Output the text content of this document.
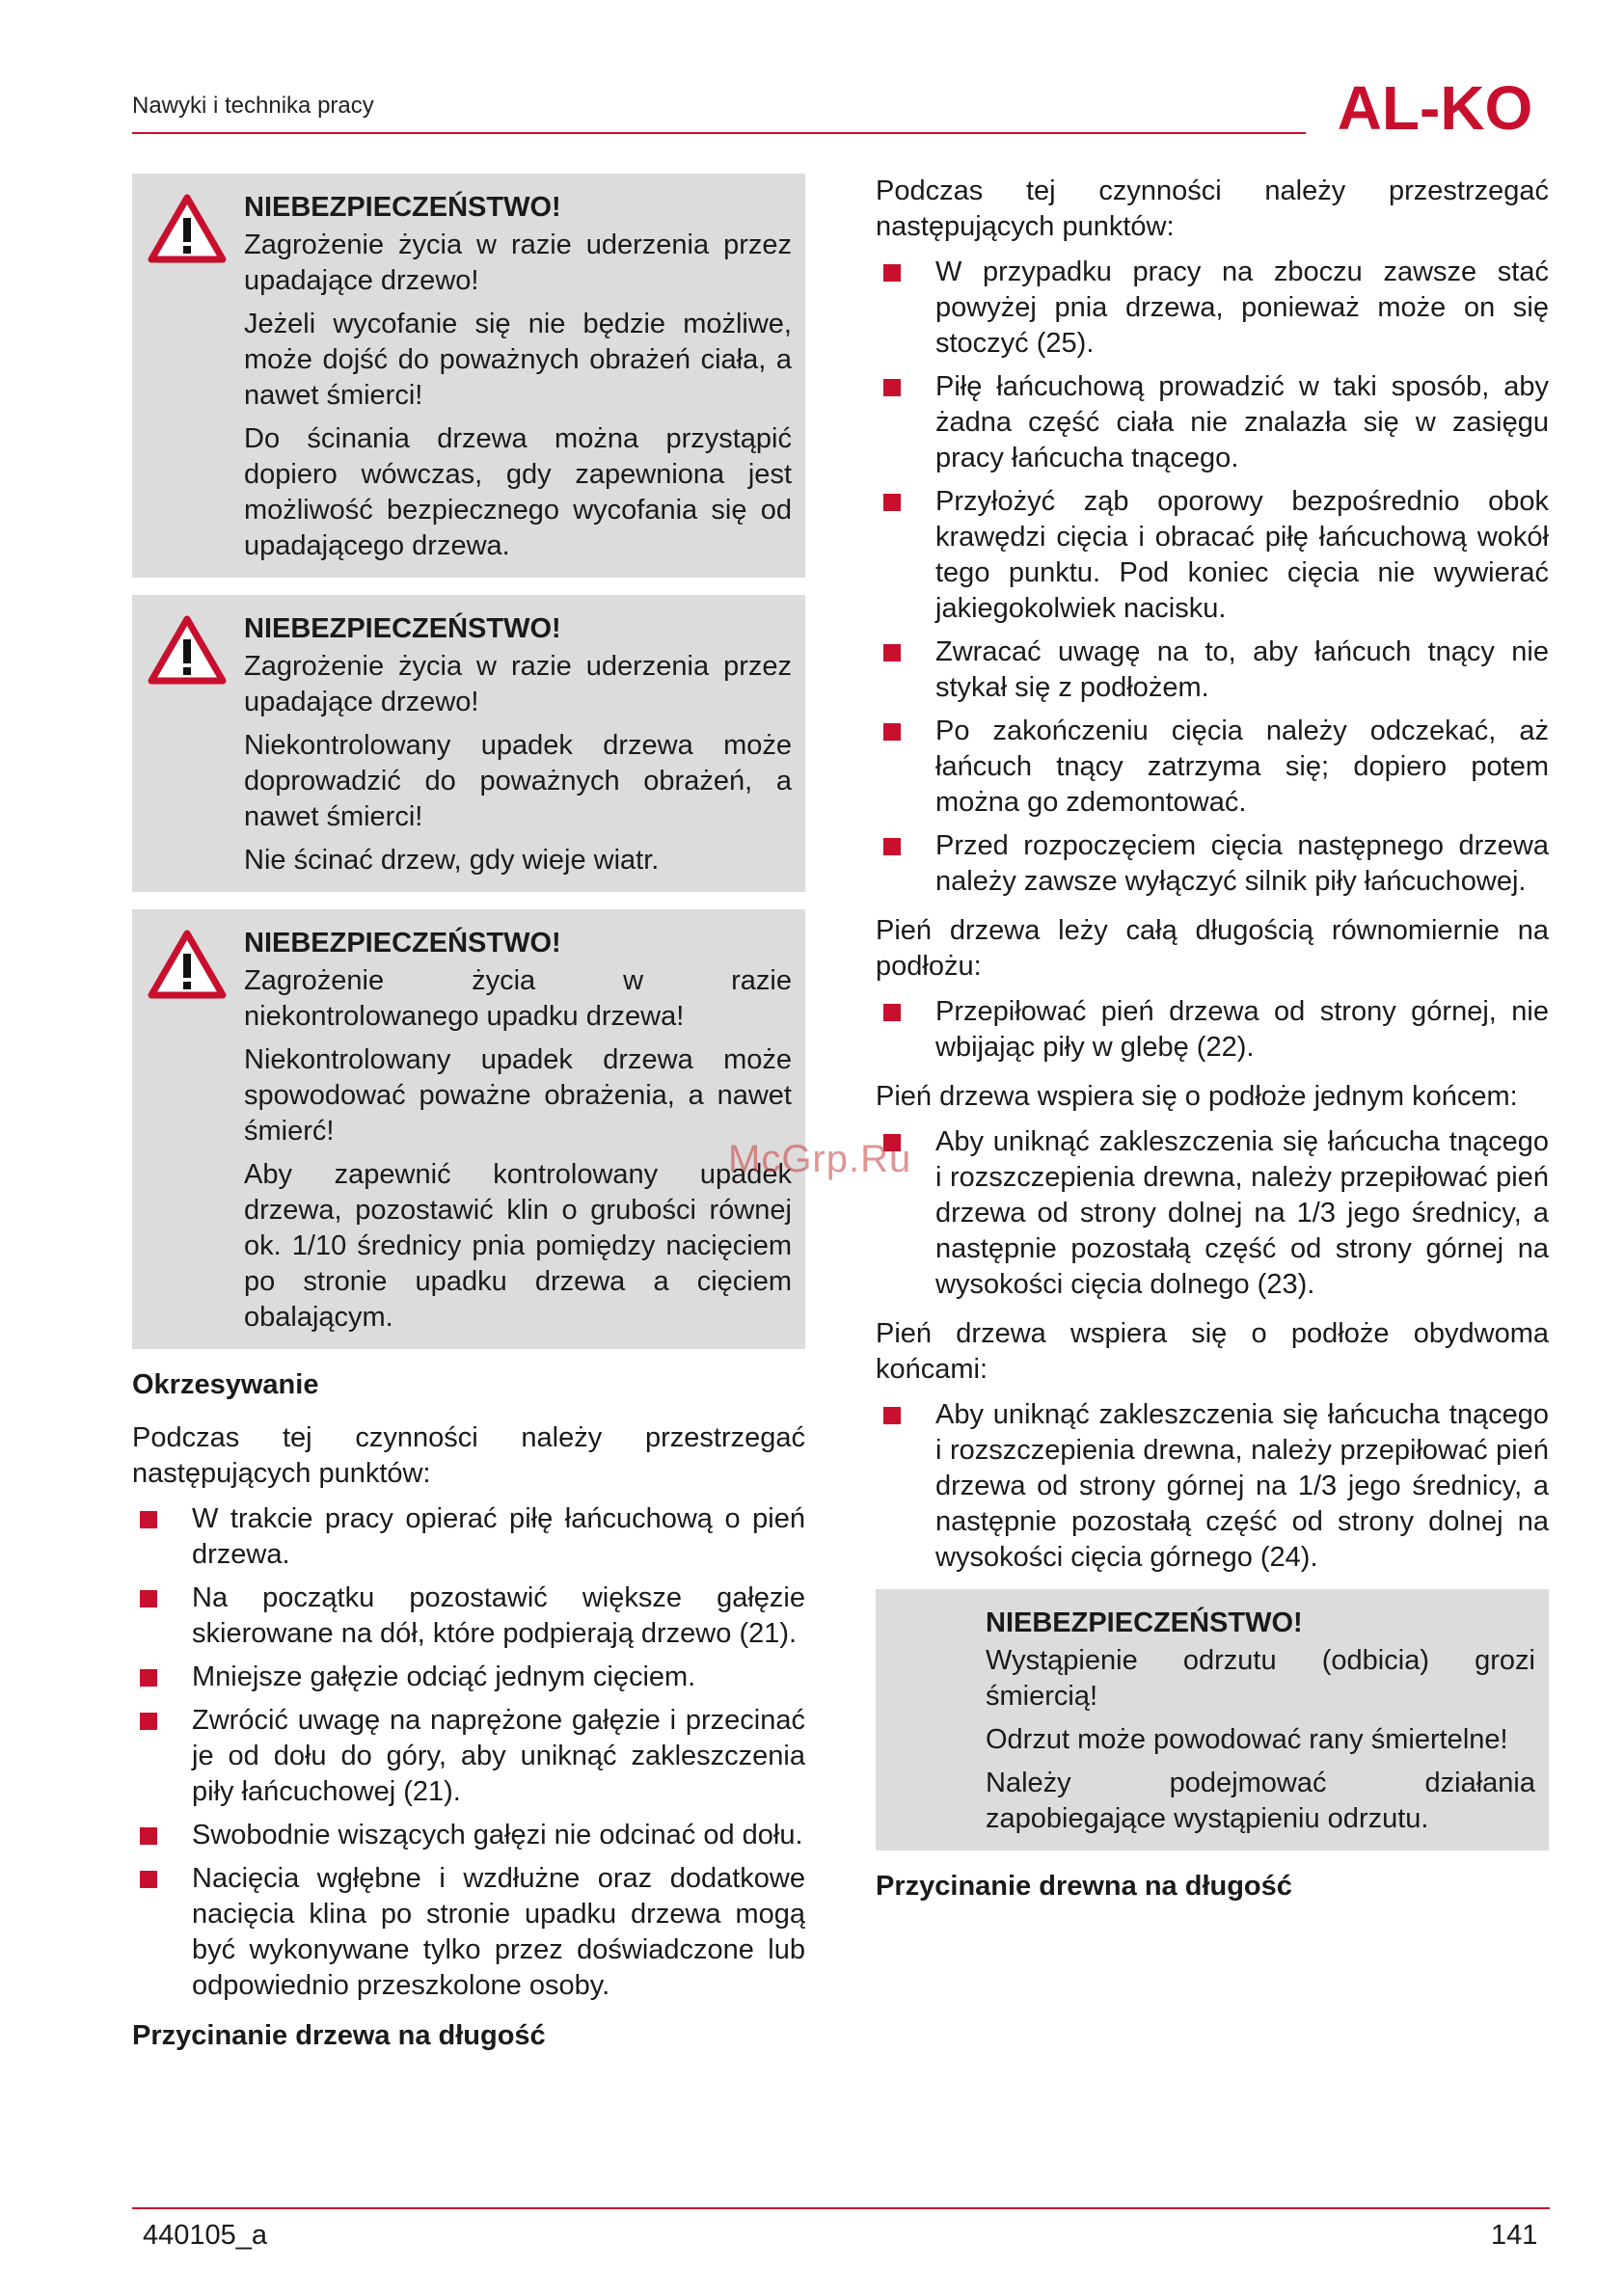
Nawyki i technika pracy	AL-KO
NIEBEZPIECZEŃSTWO!

Zagrożenie życia w razie uderzenia przez upadające drzewo!

Jeżeli wycofanie się nie będzie możliwe, może dojść do poważnych obrażeń ciała, a nawet śmierci!

Do ścinania drzewa można przystąpić dopiero wówczas, gdy zapewniona jest możliwość bezpiecznego wycofania się od upadającego drzewa.

NIEBEZPIECZEŃSTWO!

Zagrożenie życia w razie uderzenia przez upadające drzewo!

Niekontrolowany upadek drzewa może doprowadzić do poważnych obrażeń, a nawet śmierci!

Nie ścinać drzew, gdy wieje wiatr.

NIEBEZPIECZEŃSTWO!

Zagrożenie życia w razie niekontrolowanego upadku drzewa!

Niekontrolowany upadek drzewa może spowodować poważne obrażenia, a nawet śmierć!

Aby zapewnić kontrolowany upadek drzewa, pozostawić klin o grubości równej ok. 1/10 średnicy pnia pomiędzy nacięciem po stronie upadku drzewa a cięciem obalającym.

Okrzesywanie
Podczas tej czynności należy przestrzegać następujących punktów:
W trakcie pracy opierać piłę łańcuchową o pień drzewa.
Na początku pozostawić większe gałęzie skierowane na dół, które podpierają drzewo (21).
Mniejsze gałęzie odciąć jednym cięciem.
Zwrócić uwagę na naprężone gałęzie i przecinać je od dołu do góry, aby uniknąć zakleszczenia piły łańcuchowej (21).
Swobodnie wiszących gałęzi nie odcinać od dołu.
Nacięcia wgłębne i wzdłużne oraz dodatkowe nacięcia klina po stronie upadku drzewa mogą być wykonywane tylko przez doświadczone lub odpowiednio przeszkolone osoby.
Przycinanie drzewa na długość
Podczas tej czynności należy przestrzegać następujących punktów:
W przypadku pracy na zboczu zawsze stać powyżej pnia drzewa, ponieważ może on się stoczyć (25).
Piłę łańcuchową prowadzić w taki sposób, aby żadna część ciała nie znalazła się w zasięgu pracy łańcucha tnącego.
Przyłożyć ząb oporowy bezpośrednio obok krawędzi cięcia i obracać piłę łańcuchową wokół tego punktu. Pod koniec cięcia nie wywierać jakiegokolwiek nacisku.
Zwracać uwagę na to, aby łańcuch tnący nie stykał się z podłożem.
Po zakończeniu cięcia należy odczekać, aż łańcuch tnący zatrzyma się; dopiero potem można go zdemontować.
Przed rozpoczęciem cięcia następnego drzewa należy zawsze wyłączyć silnik piły łańcuchowej.
Pień drzewa leży całą długością równomiernie na podłożu:
Przepiłować pień drzewa od strony górnej, nie wbijając piły w glebę (22).
Pień drzewa wspiera się o podłoże jednym końcem:
Aby uniknąć zakleszczenia się łańcucha tnącego i rozszczepienia drewna, należy przepiłować pień drzewa od strony dolnej na 1/3 jego średnicy, a następnie pozostałą część od strony górnej na wysokości cięcia dolnego (23).
Pień drzewa wspiera się o podłoże obydwoma końcami:
Aby uniknąć zakleszczenia się łańcucha tnącego i rozszczepienia drewna, należy przepiłować pień drzewa od strony górnej na 1/3 jego średnicy, a następnie pozostałą część od strony dolnej na wysokości cięcia górnego (24).
NIEBEZPIECZEŃSTWO!

Wystąpienie odrzutu (odbicia) grozi śmiercią!

Odrzut może powodować rany śmiertelne!

Należy podejmować działania zapobiegające wystąpieniu odrzutu.

Przycinanie drewna na długość
McGrp.Ru
440105_a	141
